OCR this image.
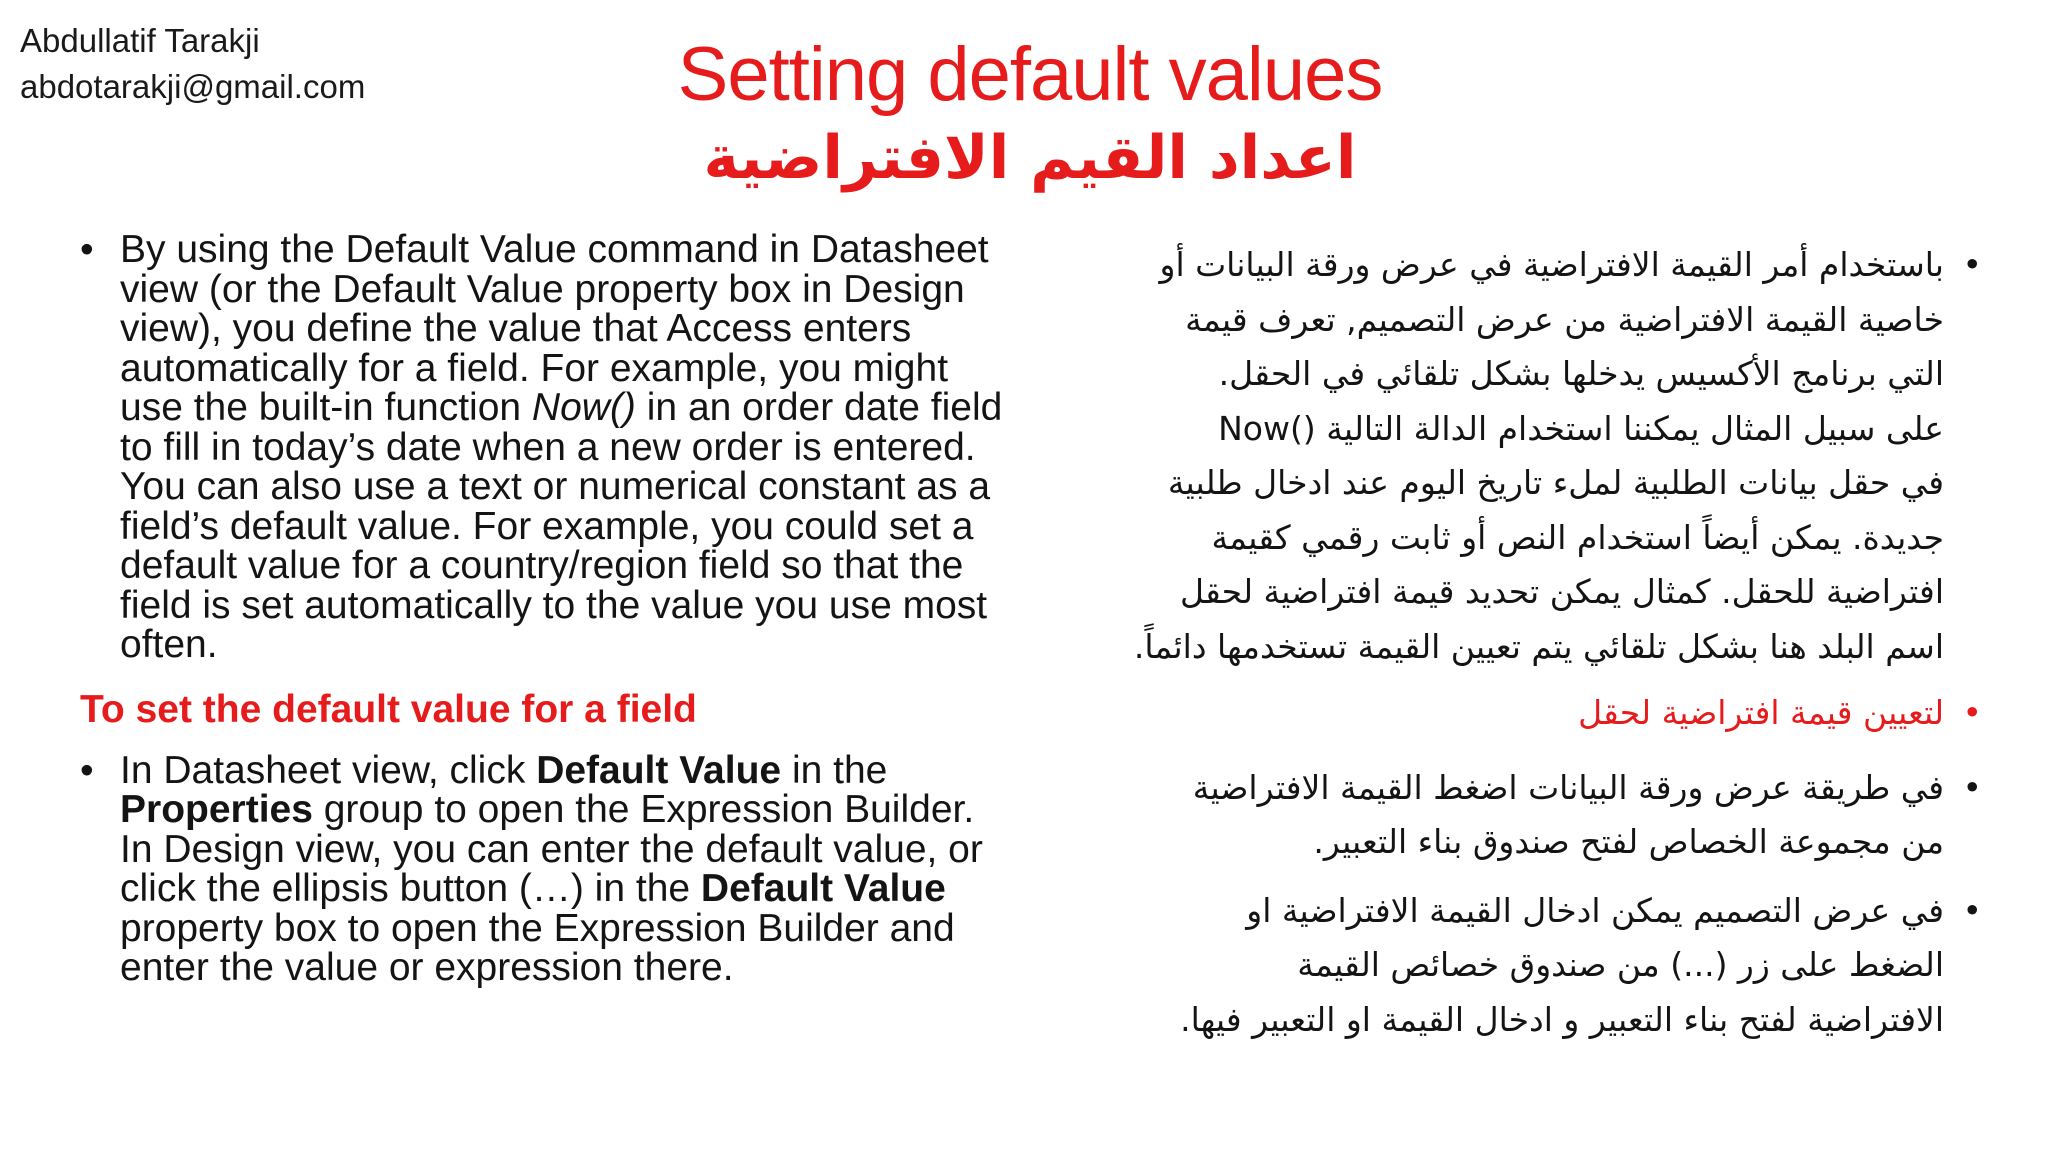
Abdullatif Tarakji
abdotarakji@gmail.com	Setting default values
اعداد القيم الافتراضية
• By using the Default Value command in Datasheet view (or the Default Value property box in Design view), you define the value that Access enters automatically for a field. For example, you might use the built-in function Now() in an order date field to fill in today’s date when a new order is entered. You can also use a text or numerical constant as a field’s default value. For example, you could set a default value for a country/region field so that the field is set automatically to the value you use most often.
To set the default value for a field
• In Datasheet view, click Default Value in the Properties group to open the Expression Builder. In Design view, you can enter the default value, or click the ellipsis button (…) in the Default Value property box to open the Expression Builder and enter the value or expression there.
•
باستخدام أمر القيمة الافتراضية في عرض ورقة البيانات أو
خاصية القيمة الافتراضية من عرض التصميم, تعرف قيمة
التي برنامج الأكسيس يدخلها بشكل تلقائي في الحقل.
على سبيل المثال يمكننا استخدام الدالة التالية ()Now
في حقل بيانات الطلبية لملء تاريخ اليوم عند ادخال طلبية
جديدة. يمكن أيضاً استخدام النص أو ثابت رقمي كقيمة
افتراضية للحقل. كمثال يمكن تحديد قيمة افتراضية لحقل
اسم البلد هنا بشكل تلقائي يتم تعيين القيمة تستخدمها دائماً.
•
لتعيين قيمة افتراضية لحقل
•
في طريقة عرض ورقة البيانات اضغط القيمة الافتراضية
من مجموعة الخصاص لفتح صندوق بناء التعبير.
•
في عرض التصميم يمكن ادخال القيمة الافتراضية او
الضغط على زر (...) من صندوق خصائص القيمة
الافتراضية لفتح بناء التعبير و ادخال القيمة او التعبير فيها.
